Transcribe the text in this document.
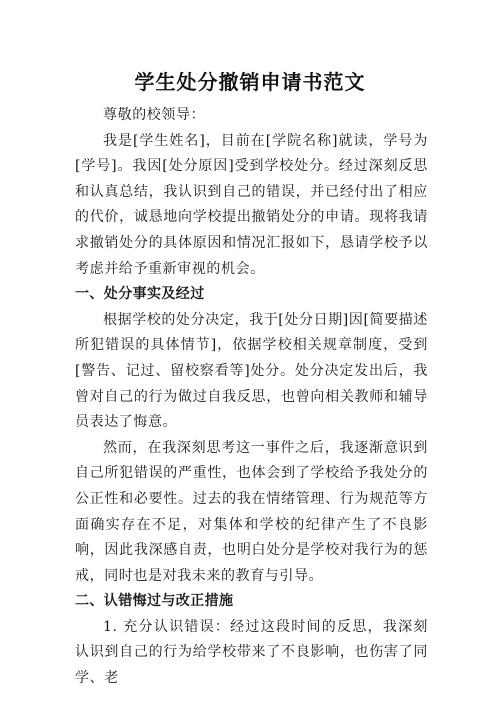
学生处分撤销申请书范文

尊敬的校领导：

我是[学生姓名]，目前在[学院名称]就读，学号为[学号]。我因[处分原因]受到学校处分。经过深刻反思和认真总结，我认识到自己的错误，并已经付出了相应的代价，诚恳地向学校提出撤销处分的申请。现将我请求撤销处分的具体原因和情况汇报如下，恳请学校予以考虑并给予重新审视的机会。

一、处分事实及经过

根据学校的处分决定，我于[处分日期]因[简要描述所犯错误的具体情节]，依据学校相关规章制度，受到[警告、记过、留校察看等]处分。处分决定发出后，我曾对自己的行为做过自我反思，也曾向相关教师和辅导员表达了悔意。

然而，在我深刻思考这一事件之后，我逐渐意识到自己所犯错误的严重性，也体会到了学校给予我处分的公正性和必要性。过去的我在情绪管理、行为规范等方面确实存在不足，对集体和学校的纪律产生了不良影响，因此我深感自责，也明白处分是学校对我行为的惩戒，同时也是对我未来的教育与引导。

二、认错悔过与改正措施

1. 充分认识错误：经过这段时间的反思，我深刻认识到自己的行为给学校带来了不良影响，也伤害了同学、老
